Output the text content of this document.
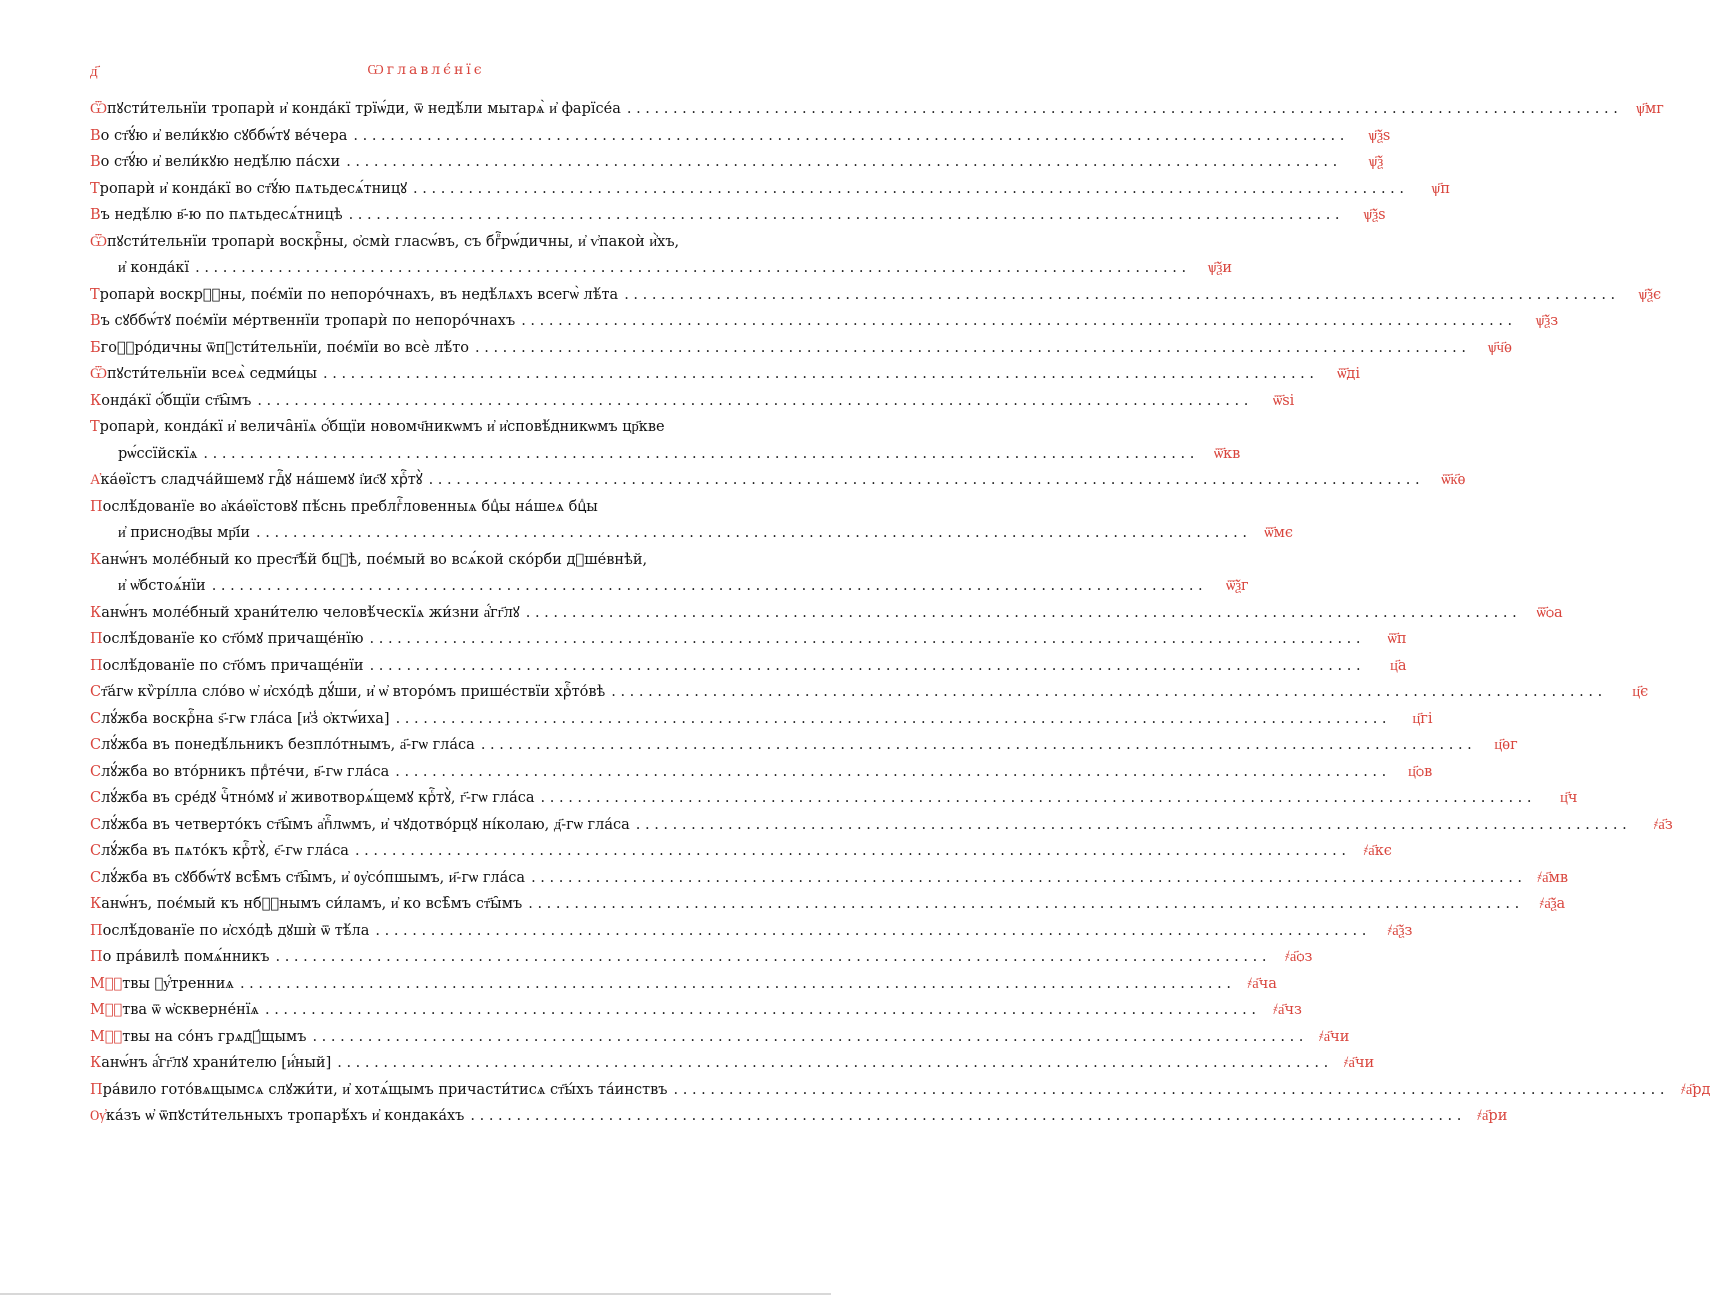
д҃	Ѡглавлє́нїє
Ѿпꙋсти́тельнїи тропарѝ и҆ конда́кї трїѡ́ди, ѿ недѣ́ли мытарѧ̀ и҆ фарїсе́а . . .	ѱ҃мг
Во ст҃ꙋ́ю и҆ вели́кꙋю сꙋббѡ́тꙋ ве́чера . . .	ѱ҃ѯѕ
Во ст҃ꙋ́ю и҆ вели́кꙋю недѣ́лю па́схи . . .	ѱ҃ѯ
Тропарѝ и҆ конда́кї во ст҃ꙋ́ю пѧтьдесѧ́тницꙋ . . .	ѱ҃п
Въ недѣ́лю в҃-ю по пѧтьдесѧ́тницѣ . . .	ѱ҃ѯѕ
Ѿпꙋсти́тельнїи тропарѝ воскрⷭ҇ны, ѻ҆смѝ гласѡ́въ, съ бгⷪ҇рѡ́дичны, и҆ ѵ҆пакоѝ и҆̀хъ,
и҆ конда́кї . . .	ѱ҃ѯи
Тропарѝ воскрⷭ҇ны, поє́мїи по непоро́чнахъ, въ недѣ́лѧхъ всегѡ̀ лѣ́та . . .	ѱ҃ѯє
Въ сꙋббѡ́тꙋ поє́мїи ме́ртвеннїи тропарѝ по непоро́чнахъ . . .	ѱ҃ѯз
Бгоⷪ҇ро́дичны ѿпꙋсти́тельнїи, поє́мїи во всѐ лѣ́то . . .	ѱ҃ч҃ѳ
Ѿпꙋсти́тельнїи всеѧ̀ седми́цы . . .	ѿ҃ді
Конда́кї ѻ҆́бщїи ст҃ы̑мъ . . .	ѿ҃ѕі
Тропарѝ, конда́кї и҆ велича̑нїѧ ѻ҆́бщїи новомч҃никѡмъ и҆ и҆сповѣ́дникѡмъ цр҃кве
рѡ́ссїйскїѧ . . .	ѿ҃кв
А҆ка́ѳїстъ сладча́йшемꙋ гдⷭ҇ꙋ на́шемꙋ і҆ис҃ꙋ хрⷭ҇тꙋ̀ . . .	ѿ҃к҃ѳ
Послѣ́дованїе во а҆ка́ѳїстовꙋ пѣ́снь преблгⷭ҇ловенныѧ бцⷣы на́шеѧ бцⷣы
и҆ приснод҃вы мр҃і́и . . .	ѿ҃мє
Канѡ́нъ моле́бный ко прест҃ѣ́й бцⷣѣ, поє́мый во всѧ́кой ско́рби дꙋше́внѣй,
и҆ ѡ҆бстоѧ́нїи . . .	ѿ҃ѯг
Канѡ́нъ моле́бный храни́телю человѣ́ческїѧ жи́зни а҆́гг҃лꙋ . . .	ѿ҃ѻа
Послѣ́дованїе ко ст҃о́мꙋ причаще́нїю . . .	ѿ҃п
Послѣ́дованїе по ст҃о́мъ причаще́нїи . . .	ц҃а
Ст҃а́гѡ кѷрі́лла сло́во ѡ҆ и҆схо́дѣ дꙋ́ши, и҆ ѡ҆ второ́мъ прише́ствїи хрⷭ҇то́вѣ . . .	ц҃є
Слꙋ́жба воскрⷭ҇на ѕ҃-гѡ гла́са [и҆з̾ ѻ҆ктѡ́иха] . . .	ц҃гі
Слꙋ́жба въ понедѣ́льникъ безпло́тнымъ, а҃-гѡ гла́са . . .	ц҃ѳг
Слꙋ́жба во вто́рникъ прⷣте́чи, в҃-гѡ гла́са . . .	ц҃ѻв
Слꙋ́жба въ сре́дꙋ чⷭ҇тно́мꙋ и҆ животворѧ́щемꙋ крⷭ҇тꙋ̀, г҃-гѡ гла́са . . .	ц҃ч
Слꙋ́жба въ четверто́къ ст҃ы̑мъ а҆пⷭ҇лѡмъ, и҆ чꙋдотво́рцꙋ ні́колаю, д҃-гѡ гла́са . . .	҂а҃з
Слꙋ́жба въ пѧто́къ крⷭ҇тꙋ̀, є҃-гѡ гла́са . . .	҂а҃кє
Слꙋ́жба въ сꙋббѡ́тꙋ всѣ̑мъ ст҃ы̑мъ, и҆ ᲂу҆со́пшымъ, и҃-гѡ гла́са . . .	҂а҃мв
Канѡ́нъ, поє́мый къ нбⷭ҇нымъ си́ламъ, и҆ ко всѣ̑мъ ст҃ы̑мъ . . .	҂а҃ѯа
Послѣ́дованїе по и҆схо́дѣ дꙋшѝ ѿ тѣ́ла . . .	҂а҃ѯз
По пра́вилѣ помѧ́нникъ . . .	҂а҃ѻз
Мⷧ҇твы ᲂу҆́тренниѧ . . .	҂а҃ча
Мⷧ҇тва ѿ ѡ҆скверне́нїѧ . . .	҂а҃чз
Мⷧ҇твы на со́нъ грѧдꙋ́щымъ . . .	҂а҃чи
Канѡ́нъ а҆́гг҃лꙋ храни́телю [и҆́ный] . . .	҂а҃чи
Пра́вило гото́вѧщымсѧ слꙋжи́ти, и҆ хотѧ́щымъ причасти́тисѧ ст҃ы́хъ та́инствъ . . .	҂а҃рд
Ѹ҆ка́зъ ѡ҆ ѿпꙋсти́тельныхъ тропарѣ́хъ и҆ кондака́хъ . . .	҂а҃ри
